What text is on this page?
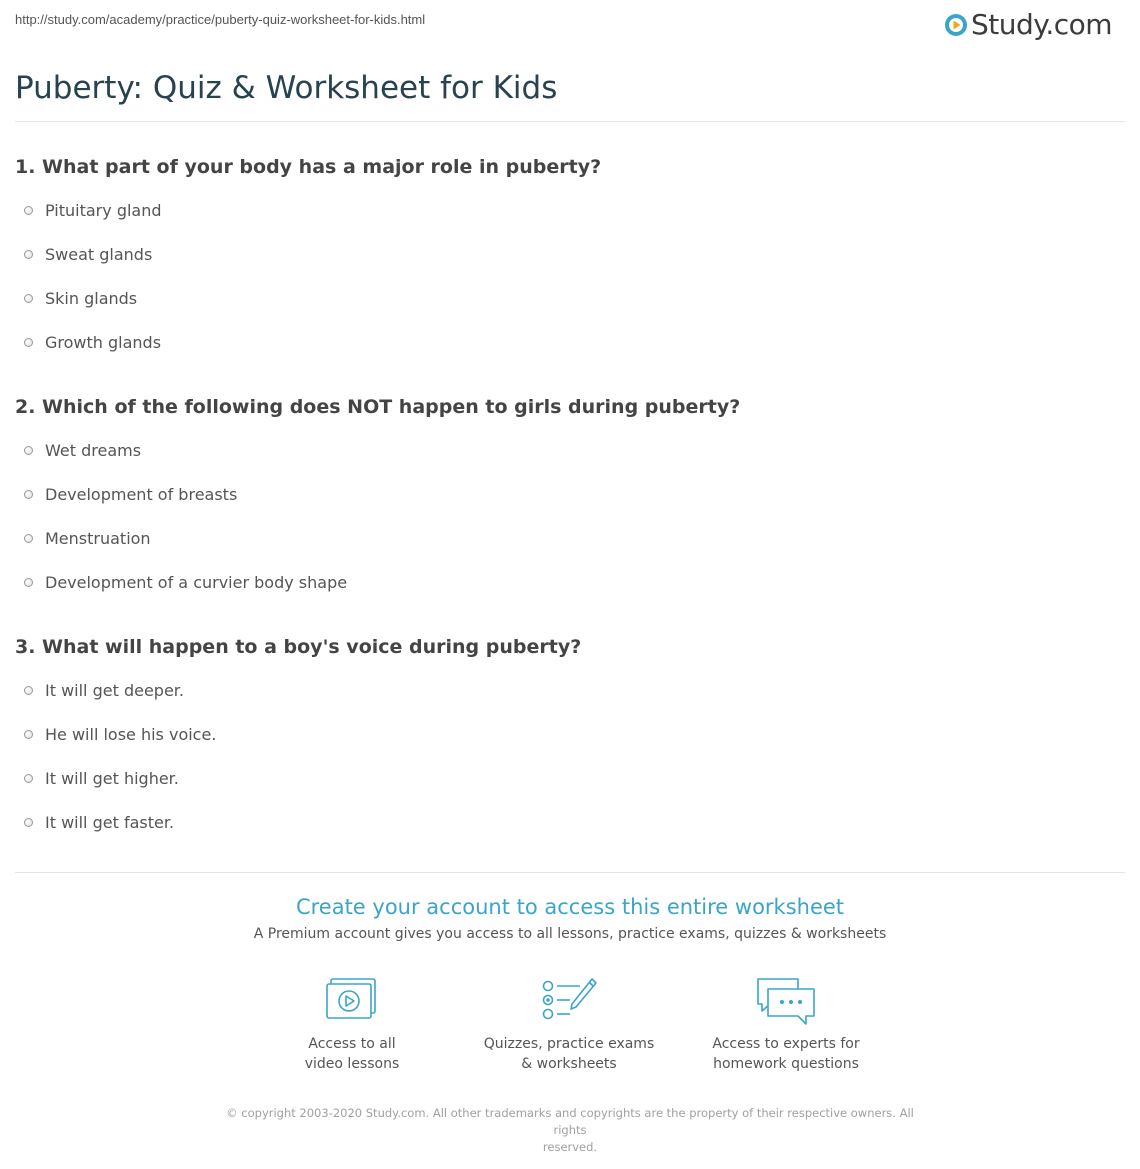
http://study.com/academy/practice/puberty-quiz-worksheet-for-kids.html	Study.com
Puberty: Quiz & Worksheet for Kids
1. What part of your body has a major role in puberty?
Pituitary gland
Sweat glands
Skin glands
Growth glands
2. Which of the following does NOT happen to girls during puberty?
Wet dreams
Development of breasts
Menstruation
Development of a curvier body shape
3. What will happen to a boy's voice during puberty?
It will get deeper.
He will lose his voice.
It will get higher.
It will get faster.
Create your account to access this entire worksheet
A Premium account gives you access to all lessons, practice exams, quizzes & worksheets
Access to all
video lessons
Quizzes, practice exams
& worksheets
Access to experts for
homework questions
© copyright 2003-2020 Study.com. All other trademarks and copyrights are the property of their respective owners. All rights
reserved.
